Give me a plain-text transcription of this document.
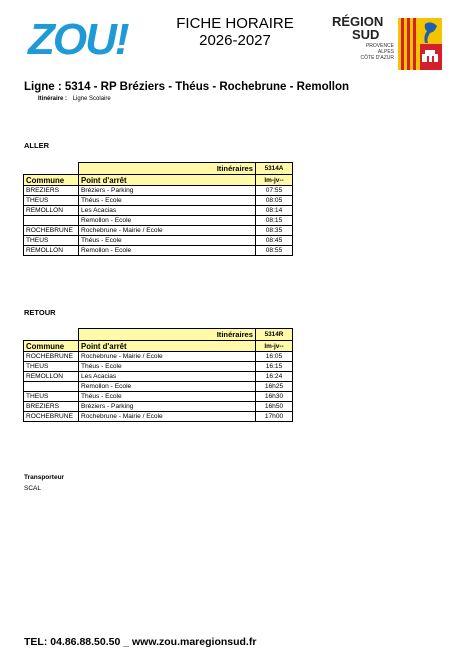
ZOU!	FICHE HORAIRE
2026-2027
RÉGION
SUD
PROVENCE
ALPES
CÔTE D'AZUR
Ligne : 5314 - RP Bréziers - Théus - Rochebrune - Remollon
Itinéraire : Ligne Scolaire
ALLER
	Itinéraires	5314A
Commune	Point d'arrêt	lm-jv--
BREZIERS	Bréziers - Parking	07:55
THEUS	Théus - Ecole	08:05
REMOLLON	Les Acacias	08:14
	Remollon - Ecole	08:15
ROCHEBRUNE	Rochebrune - Mairie / Ecole	08:35
THEUS	Théus - Ecole	08:45
REMOLLON	Remollon - Ecole	08:55
RETOUR
	Itinéraires	5314R
Commune	Point d'arrêt	lm-jv--
ROCHEBRUNE	Rochebrune - Mairie / Ecole	16:05
THEUS	Théus - Ecole	16:15
REMOLLON	Les Acacias	16:24
	Remollon - Ecole	16h25
THEUS	Théus - Ecole	16h30
BREZIERS	Bréziers - Parking	16h50
ROCHEBRUNE	Rochebrune - Mairie / Ecole	17h00
Transporteur
SCAL
TEL: 04.86.88.50.50 _ www.zou.maregionsud.fr
